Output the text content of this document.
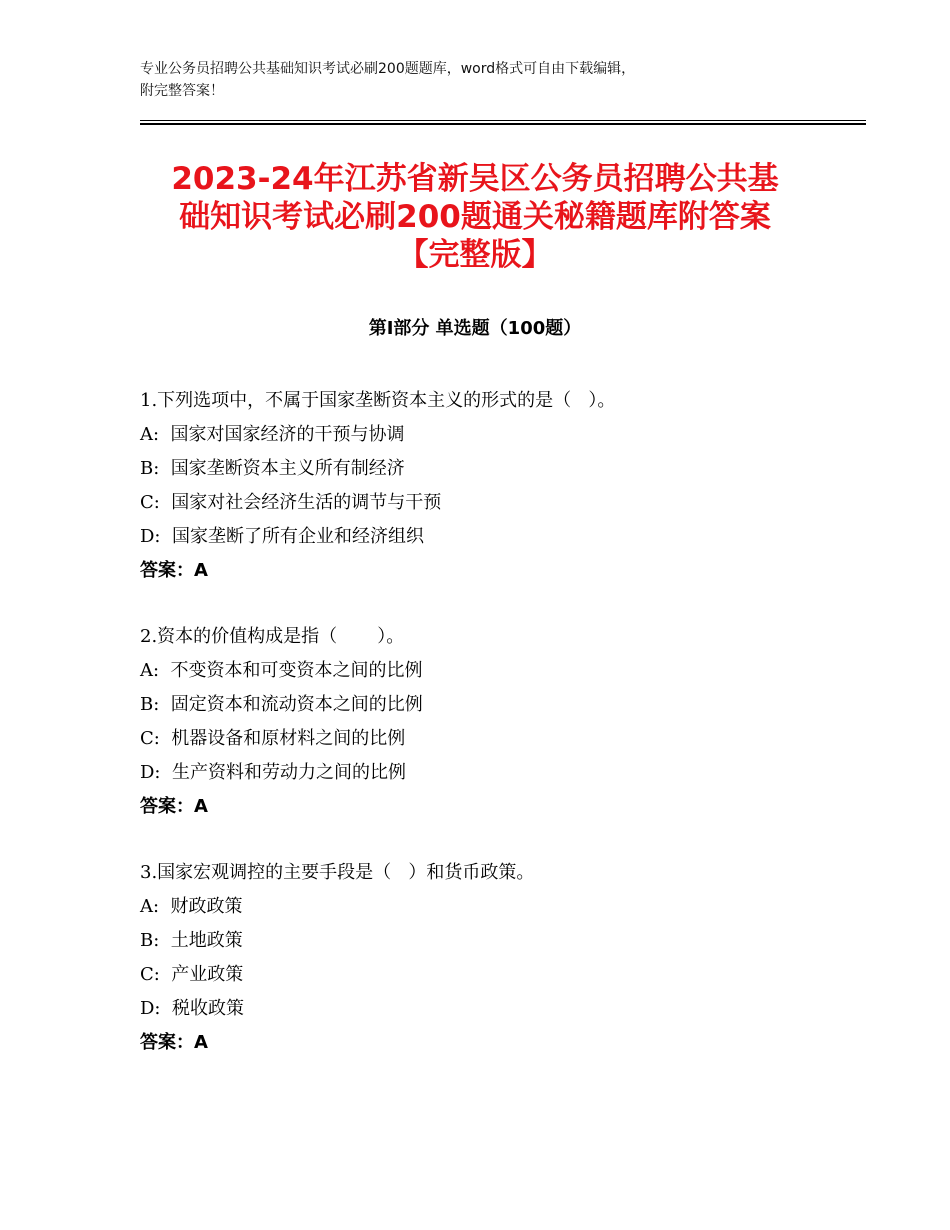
专业公务员招聘公共基础知识考试必刷200题题库，word格式可自由下载编辑，
附完整答案！
2023-24年江苏省新吴区公务员招聘公共基
础知识考试必刷200题通关秘籍题库附答案
【完整版】
第I部分 单选题（100题）
1.下列选项中，不属于国家垄断资本主义的形式的是（   ）。
A:  国家对国家经济的干预与协调
B:  国家垄断资本主义所有制经济
C:  国家对社会经济生活的调节与干预
D:  国家垄断了所有企业和经济组织
答案：A
2.资本的价值构成是指（       ）。
A:  不变资本和可变资本之间的比例
B:  固定资本和流动资本之间的比例
C:  机器设备和原材料之间的比例
D:  生产资料和劳动力之间的比例
答案：A
3.国家宏观调控的主要手段是（   ）和货币政策。
A:  财政政策
B:  土地政策
C:  产业政策
D:  税收政策
答案：A
